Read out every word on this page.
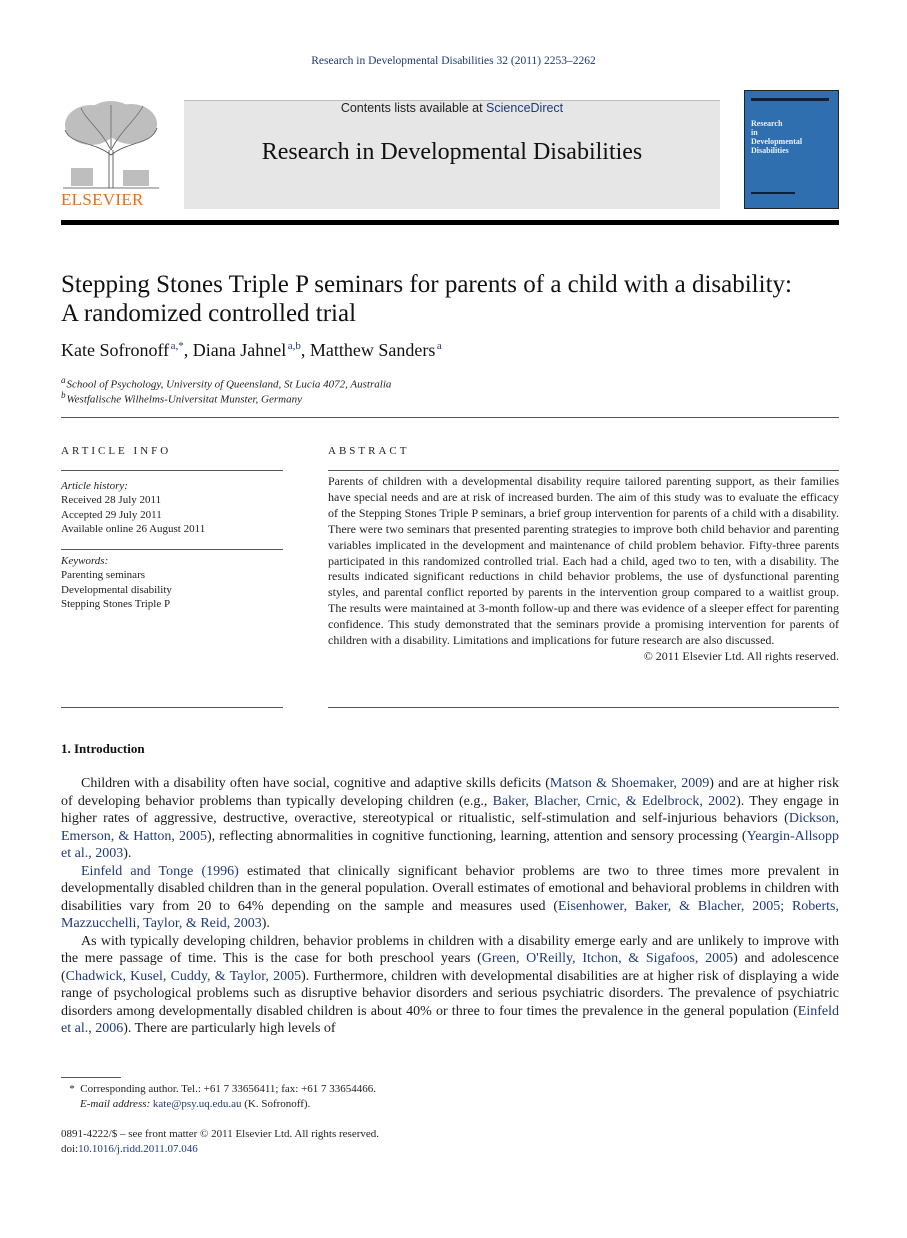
Research in Developmental Disabilities 32 (2011) 2253–2262
ELSEVIER
Contents lists available at ScienceDirect
Research in Developmental Disabilities
Research
in
Developmental
Disabilities
Stepping Stones Triple P seminars for parents of a child with a disability:
A randomized controlled trial
Kate Sofronoff  $^{a,*}$, Diana Jahnel  $^{a,b}$, Matthew Sanders  $^a$
$^a$ School of Psychology, University of Queensland, St Lucia 4072, Australia
$^b$ Westfalische Wilhelms-Universitat Munster, Germany
ARTICLE INFO	ABSTRACT
Article history:
Received 28 July 2011
Accepted 29 July 2011
Available online 26 August 2011
Keywords:
Parenting seminars
Developmental disability
Stepping Stones Triple P
Parents of children with a developmental disability require tailored parenting support, as their families have special needs and are at risk of increased burden. The aim of this study was to evaluate the efficacy of the Stepping Stones Triple P seminars, a brief group intervention for parents of a child with a disability. There were two seminars that presented parenting strategies to improve both child behavior and parenting variables implicated in the development and maintenance of child problem behavior. Fifty-three parents participated in this randomized controlled trial. Each had a child, aged two to ten, with a disability. The results indicated significant reductions in child behavior problems, the use of dysfunctional parenting styles, and parental conflict reported by parents in the intervention group compared to a waitlist group. The results were maintained at 3-month follow-up and there was evidence of a sleeper effect for parenting confidence. This study demonstrated that the seminars provide a promising intervention for parents of children with a disability. Limitations and implications for future research are also discussed.
© 2011 Elsevier Ltd. All rights reserved.
1. Introduction

Children with a disability often have social, cognitive and adaptive skills deficits (Matson & Shoemaker, 2009) and are at higher risk of developing behavior problems than typically developing children (e.g., Baker, Blacher, Crnic, & Edelbrock, 2002). They engage in higher rates of aggressive, destructive, overactive, stereotypical or ritualistic, self-stimulation and self-injurious behaviors (Dickson, Emerson, & Hatton, 2005), reflecting abnormalities in cognitive functioning, learning, attention and sensory processing (Yeargin-Allsopp et al., 2003).

Einfeld and Tonge (1996) estimated that clinically significant behavior problems are two to three times more prevalent in developmentally disabled children than in the general population. Overall estimates of emotional and behavioral problems in children with disabilities vary from 20 to 64% depending on the sample and measures used (Eisenhower, Baker, & Blacher, 2005; Roberts, Mazzucchelli, Taylor, & Reid, 2003).

As with typically developing children, behavior problems in children with a disability emerge early and are unlikely to improve with the mere passage of time. This is the case for both preschool years (Green, O'Reilly, Itchon, & Sigafoos, 2005) and adolescence (Chadwick, Kusel, Cuddy, & Taylor, 2005). Furthermore, children with developmental disabilities are at higher risk of displaying a wide range of psychological problems such as disruptive behavior disorders and serious psychiatric disorders. The prevalence of psychiatric disorders among developmentally disabled children is about 40% or three to four times the prevalence in the general population (Einfeld et al., 2006). There are particularly high levels of

* Corresponding author. Tel.: +61 7 33656411; fax: +61 7 33654466.
E-mail address: kate@psy.uq.edu.au (K. Sofronoff).
0891-4222/$ – see front matter © 2011 Elsevier Ltd. All rights reserved.
doi:10.1016/j.ridd.2011.07.046
